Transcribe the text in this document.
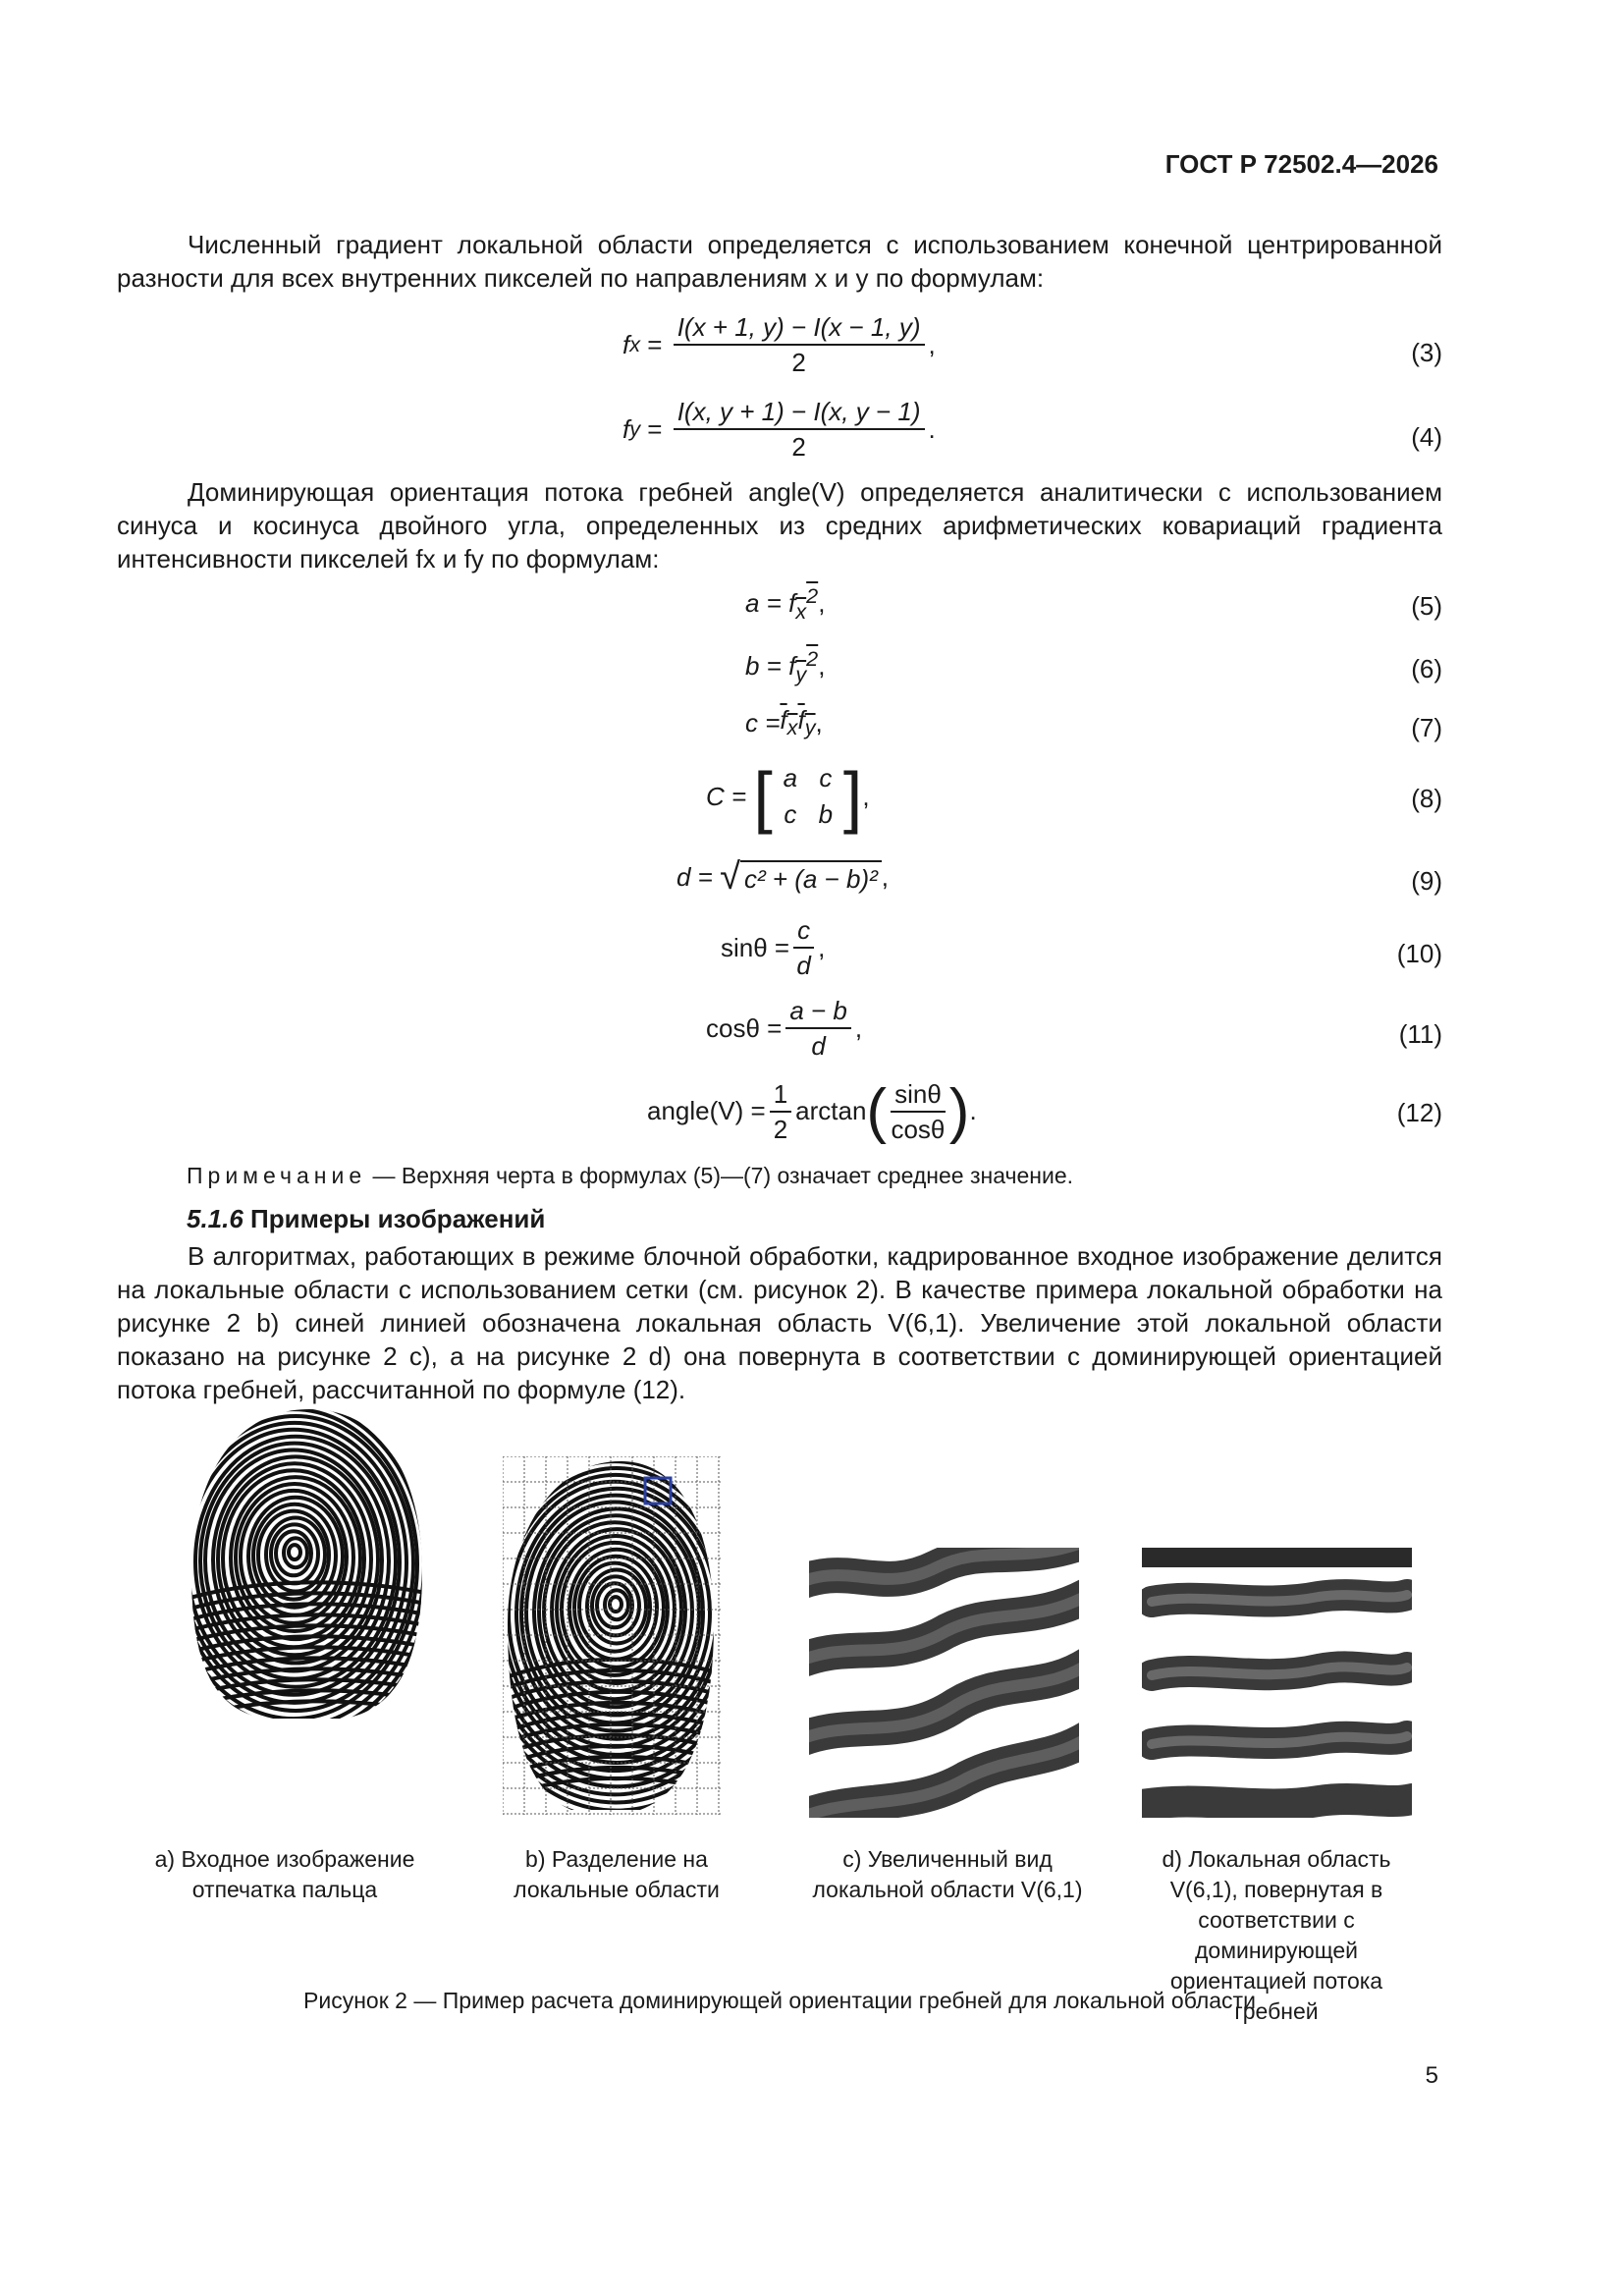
ГОСТ Р 72502.4—2026

Численный градиент локальной области определяется с использованием конечной центрированной разности для всех внутренних пикселей по направлениям x и y по формулам:

f $x = \frac{I(x + 1, y) - I(x - 1, y)}{2}$ ,	(3)
f $y = \frac{I(x, y + 1) - I(x, y - 1)}{2}$ .	(4)

Доминирующая ориентация потока гребней angle(V) определяется аналитически с использованием синуса и косинуса двойного угла, определенных из средних арифметических ковариаций градиента интенсивности пикселей fx и fy по формулам:

a = f $_x^2$ ,	(5)
b = f $_y^2$ ,	(6)
$c = f_xf_y$ ,	(7)
C =
[ a c
c b ] ,	(8)
d =
√ c² + (a − b)² ,	(9)
$\sin\theta = \frac{c}{d}$ ,	(10)
$\cos\theta = \frac{a - b}{d}$ ,	(11)
angle(V) = $\frac{1}{2}$ arctan ( $\frac{\sin\theta}{\cos\theta}$ ) .	(12)
Примечание — Верхняя черта в формулах (5)—(7) означает среднее значение.
5.1.6 Примеры изображений

В алгоритмах, работающих в режиме блочной обработки, кадрированное входное изображение делится на локальные области с использованием сетки (см. рисунок 2). В качестве примера локальной обработки на рисунке 2 b) синей линией обозначена локальная область V(6,1). Увеличение этой локальной области показано на рисунке 2 c), а на рисунке 2 d) она повернута в соответствии с доминирующей ориентацией потока гребней, рассчитанной по формуле (12).

a) Входное изображение отпечатка пальца
b) Разделение на локальные области
c) Увеличенный вид локальной области V(6,1)
d) Локальная область V(6,1), повернутая в соответствии с доминирующей ориентацией потока гребней
Рисунок 2 — Пример расчета доминирующей ориентации гребней для локальной области
5
